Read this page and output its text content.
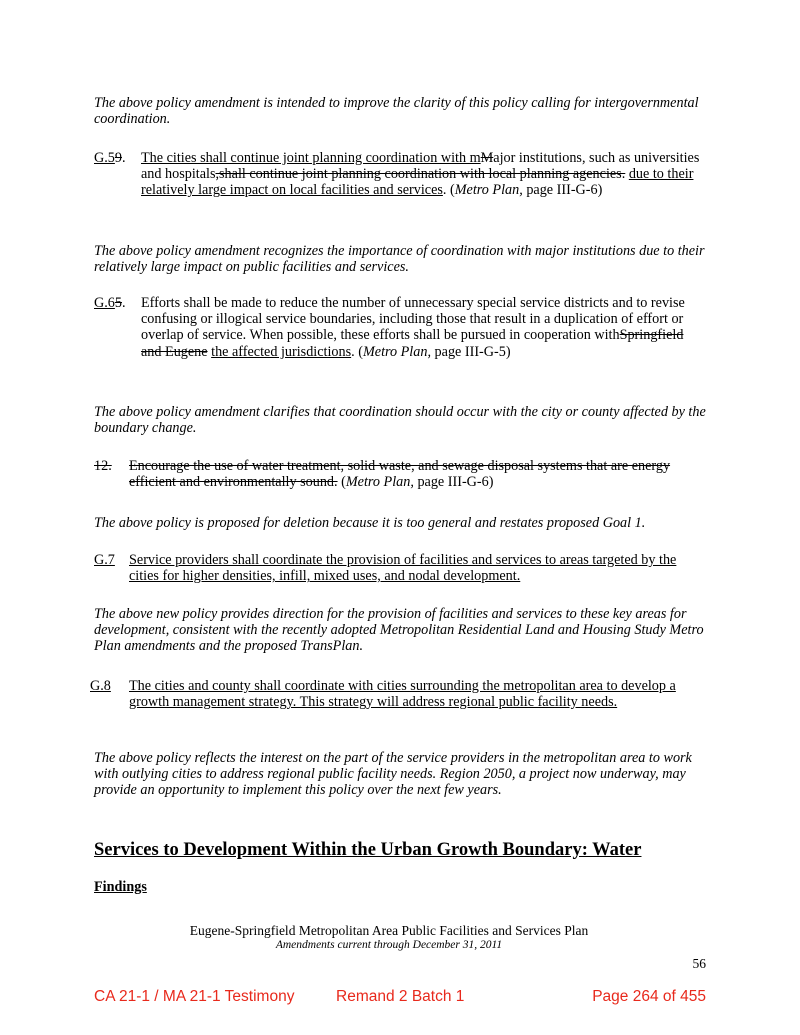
The above policy amendment is intended to improve the clarity of this policy calling for intergovernmental coordination.
G.59. The cities shall continue joint planning coordination with mMajor institutions, such as universities and hospitals,shall continue joint planning coordination with local planning agencies. due to their relatively large impact on local facilities and services. (Metro Plan, page III-G-6)
The above policy amendment recognizes the importance of coordination with major institutions due to their relatively large impact on public facilities and services.
G.65. Efforts shall be made to reduce the number of unnecessary special service districts and to revise confusing or illogical service boundaries, including those that result in a duplication of effort or overlap of service. When possible, these efforts shall be pursued in cooperation withSpringfield and Eugene the affected jurisdictions. (Metro Plan, page III-G-5)
The above policy amendment clarifies that coordination should occur with the city or county affected by the boundary change.
12. Encourage the use of water treatment, solid waste, and sewage disposal systems that are energy efficient and environmentally sound. (Metro Plan, page III-G-6)
The above policy is proposed for deletion because it is too general and restates proposed Goal 1.
G.7 Service providers shall coordinate the provision of facilities and services to areas targeted by the cities for higher densities, infill, mixed uses, and nodal development.
The above new policy provides direction for the provision of facilities and services to these key areas for development, consistent with the recently adopted Metropolitan Residential Land and Housing Study Metro Plan amendments and the proposed TransPlan.
G.8 The cities and county shall coordinate with cities surrounding the metropolitan area to develop a growth management strategy. This strategy will address regional public facility needs.
The above policy reflects the interest on the part of the service providers in the metropolitan area to work with outlying cities to address regional public facility needs. Region 2050, a project now underway, may provide an opportunity to implement this policy over the next few years.
Services to Development Within the Urban Growth Boundary: Water
Findings
Eugene-Springfield Metropolitan Area Public Facilities and Services Plan
Amendments current through December 31, 2011
56
CA 21-1 / MA 21-1 Testimony	Remand 2 Batch 1	Page 264 of 455
